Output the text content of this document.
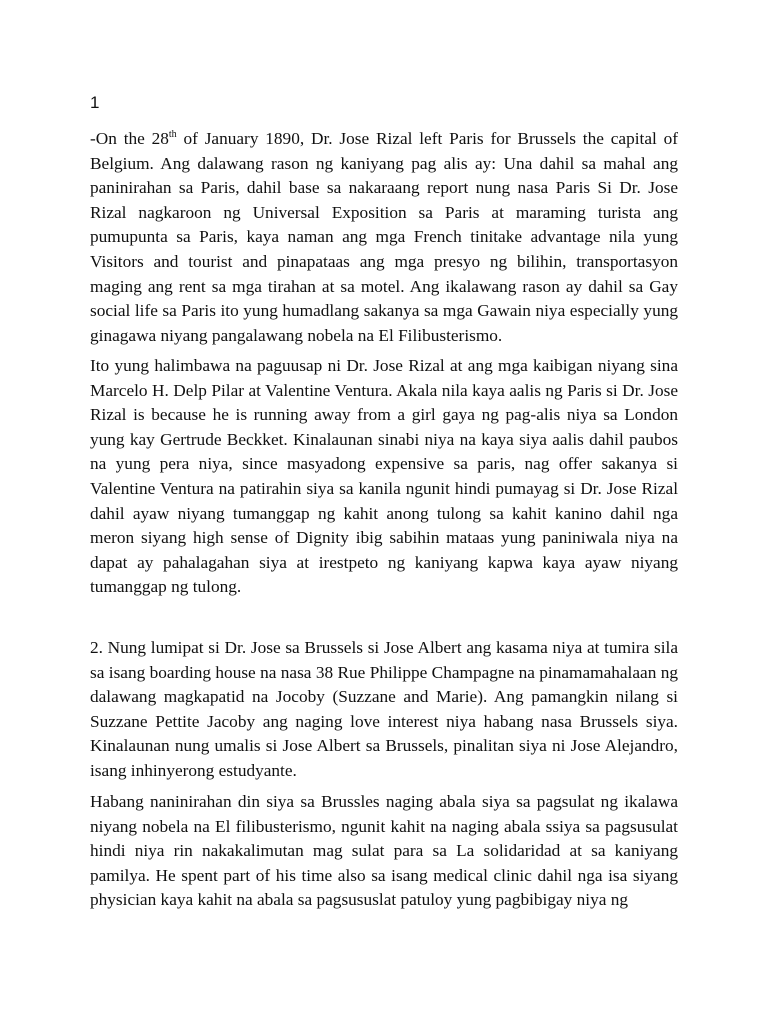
1

-On the 28th of January 1890, Dr. Jose Rizal left Paris for Brussels the capital of Belgium. Ang dalawang rason ng kaniyang pag alis ay: Una dahil sa mahal ang paninirahan sa Paris, dahil base sa nakaraang report nung nasa Paris Si Dr. Jose Rizal nagkaroon ng Universal Exposition sa Paris at maraming turista ang pumupunta sa Paris, kaya naman ang mga French tinitake advantage nila yung Visitors and tourist and pinapataas ang mga presyo ng bilihin, transportasyon maging ang rent sa mga tirahan at sa motel. Ang ikalawang rason ay dahil sa Gay social life sa Paris ito yung humadlang sakanya sa mga Gawain niya especially yung ginagawa niyang pangalawang nobela na El Filibusterismo.

Ito yung halimbawa na paguusap ni Dr. Jose Rizal at ang mga kaibigan niyang sina Marcelo H. Delp Pilar at Valentine Ventura. Akala nila kaya aalis ng Paris si Dr. Jose Rizal is because he is running away from a girl gaya ng pag-alis niya sa London yung kay Gertrude Beckket. Kinalaunan sinabi niya na kaya siya aalis dahil paubos na yung pera niya, since masyadong expensive sa paris, nag offer sakanya si Valentine Ventura na patirahin siya sa kanila ngunit hindi pumayag si Dr. Jose Rizal dahil ayaw niyang tumanggap ng kahit anong tulong sa kahit kanino dahil nga meron siyang high sense of Dignity ibig sabihin mataas yung paniniwala niya na dapat ay pahalagahan siya at irestpeto ng kaniyang kapwa kaya ayaw niyang tumanggap ng tulong.

2. Nung lumipat si Dr. Jose sa Brussels si Jose Albert ang kasama niya at tumira sila sa isang boarding house na nasa 38 Rue Philippe Champagne na pinamamahalaan ng dalawang magkapatid na Jocoby (Suzzane and Marie). Ang pamangkin nilang si Suzzane Pettite Jacoby ang naging love interest niya habang nasa Brussels siya. Kinalaunan nung umalis si Jose Albert sa Brussels, pinalitan siya ni Jose Alejandro, isang inhinyerong estudyante.

Habang naninirahan din siya sa Brussles naging abala siya sa pagsulat ng ikalawa niyang nobela na El filibusterismo, ngunit kahit na naging abala ssiya sa pagsusulat hindi niya rin nakakalimutan mag sulat para sa La solidaridad at sa kaniyang pamilya. He spent part of his time also sa isang medical clinic dahil nga isa siyang physician kaya kahit na abala sa pagsususlat patuloy yung pagbibigay niya ng
